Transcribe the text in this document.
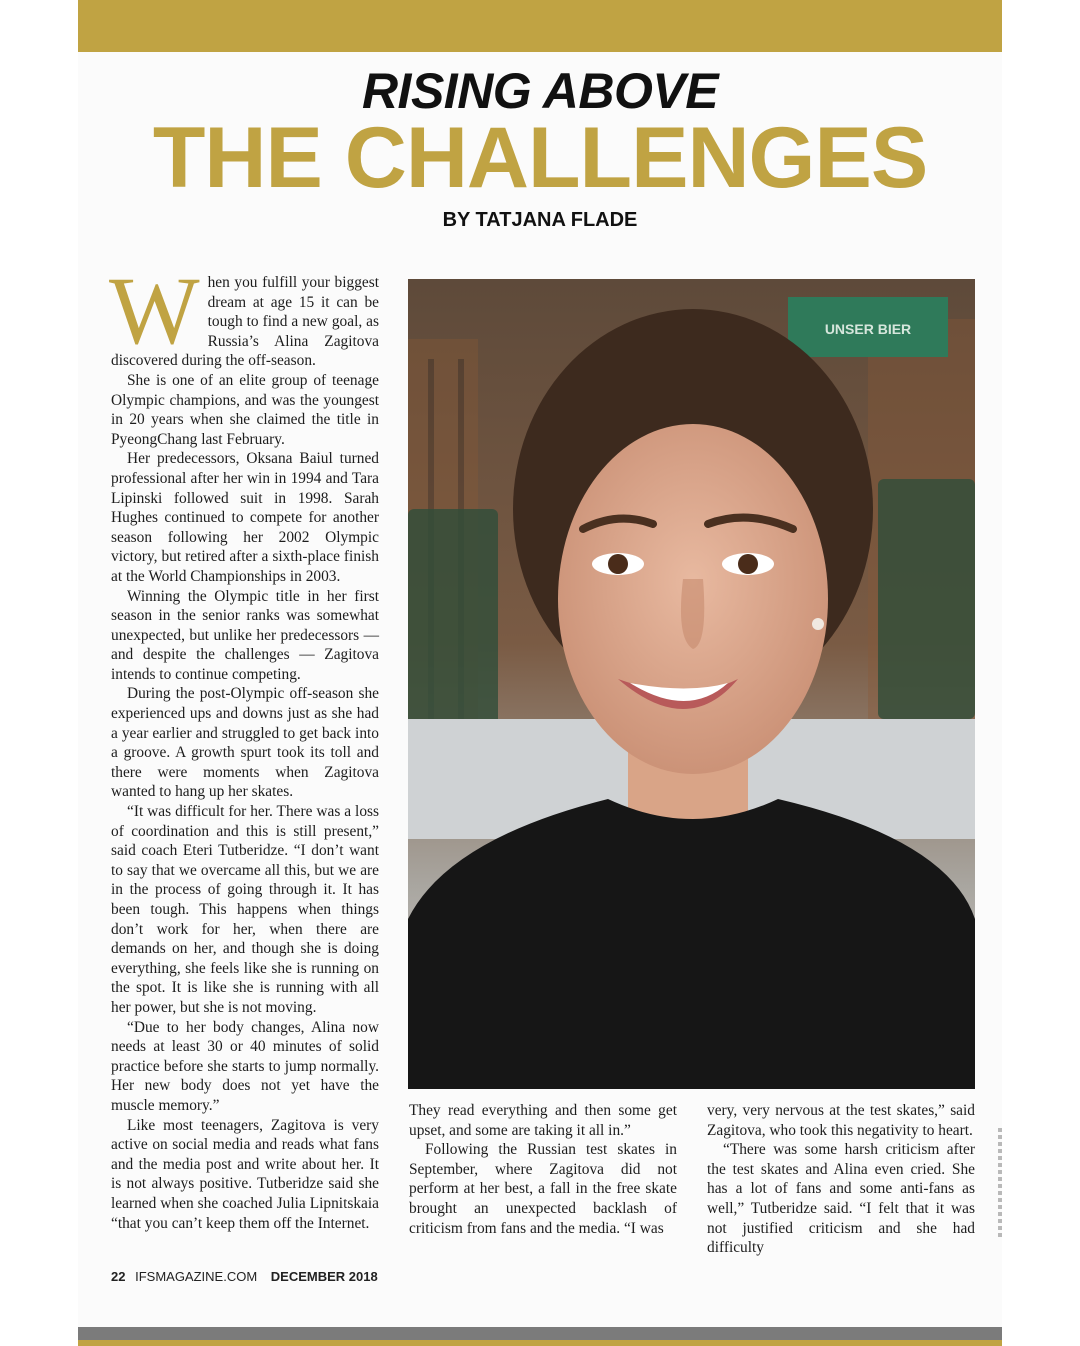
RISING ABOVE
THE CHALLENGES
BY TATJANA FLADE

When you fulfill your biggest dream at age 15 it can be tough to find a new goal, as Russia’s Alina Zagitova discovered during the off-season.

She is one of an elite group of teenage Olympic champions, and was the youngest in 20 years when she claimed the title in PyeongChang last February.

Her predecessors, Oksana Baiul turned professional after her win in 1994 and Tara Lipinski followed suit in 1998. Sarah Hughes continued to compete for another season following her 2002 Olympic victory, but retired after a sixth-place finish at the World Championships in 2003.

Winning the Olympic title in her first season in the senior ranks was somewhat unexpected, but unlike her predecessors — and despite the challenges — Zagitova intends to continue competing.

During the post-Olympic off-season she experienced ups and downs just as she had a year earlier and struggled to get back into a groove. A growth spurt took its toll and there were moments when Zagitova wanted to hang up her skates.

“It was difficult for her. There was a loss of coordination and this is still present,” said coach Eteri Tutberidze. “I don’t want to say that we overcame all this, but we are in the process of going through it. It has been tough. This happens when things don’t work for her, when there are demands on her, and though she is doing everything, she feels like she is running on the spot. It is like she is running with all her power, but she is not moving.

“Due to her body changes, Alina now needs at least 30 or 40 minutes of solid practice before she starts to jump normally. Her new body does not yet have the muscle memory.”

Like most teenagers, Zagitova is very active on social media and reads what fans and the media post and write about her. It is not always positive. Tutberidze said she learned when she coached Julia Lipnitskaia “that you can’t keep them off the Internet.

UNSER BIER

They read everything and then some get upset, and some are taking it all in.”

Following the Russian test skates in September, where Zagitova did not perform at her best, a fall in the free skate brought an unexpected backlash of criticism from fans and the media. “I was

very, very nervous at the test skates,” said Zagitova, who took this negativity to heart.

“There was some harsh criticism after the test skates and Alina even cried. She has a lot of fans and some anti-fans as well,” Tutberidze said. “I felt that it was not justified criticism and she had difficulty

22 IFSMAGAZINE.COM DECEMBER 2018
